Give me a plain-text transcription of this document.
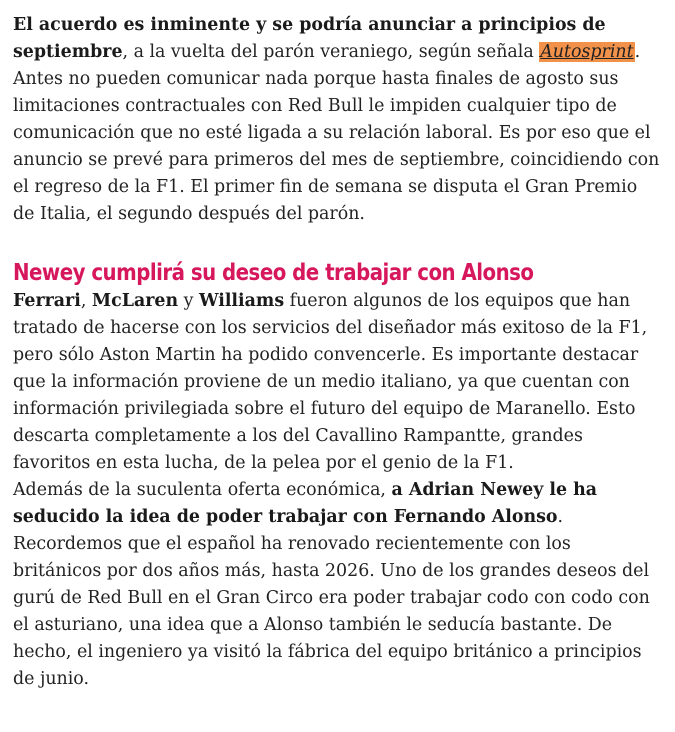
El acuerdo es inminente y se podría anunciar a principios de septiembre, a la vuelta del parón veraniego, según señala Autosprint. Antes no pueden comunicar nada porque hasta finales de agosto sus limitaciones contractuales con Red Bull le impiden cualquier tipo de comunicación que no esté ligada a su relación laboral. Es por eso que el anuncio se prevé para primeros del mes de septiembre, coincidiendo con el regreso de la F1. El primer fin de semana se disputa el Gran Premio de Italia, el segundo después del parón.

Newey cumplirá su deseo de trabajar con Alonso

Ferrari, McLaren y Williams fueron algunos de los equipos que han tratado de hacerse con los servicios del diseñador más exitoso de la F1, pero sólo Aston Martin ha podido convencerle. Es importante destacar que la información proviene de un medio italiano, ya que cuentan con información privilegiada sobre el futuro del equipo de Maranello. Esto descarta completamente a los del Cavallino Rampantte, grandes favoritos en esta lucha, de la pelea por el genio de la F1.

Además de la suculenta oferta económica, a Adrian Newey le ha seducido la idea de poder trabajar con Fernando Alonso. Recordemos que el español ha renovado recientemente con los británicos por dos años más, hasta 2026. Uno de los grandes deseos del gurú de Red Bull en el Gran Circo era poder trabajar codo con codo con el asturiano, una idea que a Alonso también le seducía bastante. De hecho, el ingeniero ya visitó la fábrica del equipo británico a principios de junio.
